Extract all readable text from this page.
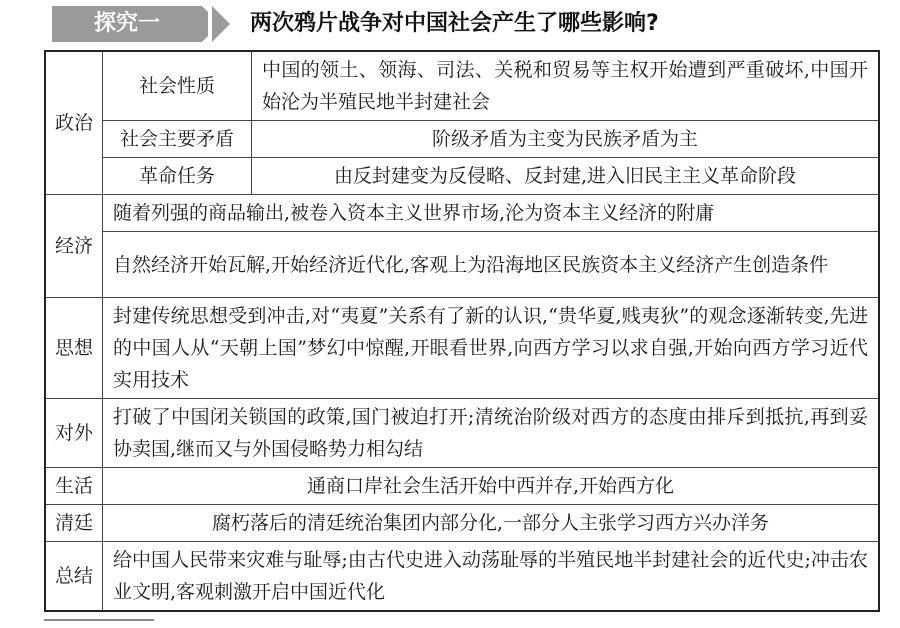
探究一	两次鸦片战争对中国社会产生了哪些影响?
政治	社会性质	中国的领土、领海、司法、关税和贸易等主权开始遭到严重破坏,中国开始沦为半殖民地半封建社会
	社会主要矛盾	阶级矛盾为主变为民族矛盾为主
	革命任务	由反封建变为反侵略、反封建,进入旧民主主义革命阶段
经济	随着列强的商品输出,被卷入资本主义世界市场,沦为资本主义经济的附庸	
	自然经济开始瓦解,开始经济近代化,客观上为沿海地区民族资本主义经济产生创造条件	
思想	封建传统思想受到冲击,对“夷夏”关系有了新的认识,“贵华夏,贱夷狄”的观念逐渐转变,先进的中国人从“天朝上国”梦幻中惊醒,开眼看世界,向西方学习以求自强,开始向西方学习近代实用技术	
对外	打破了中国闭关锁国的政策,国门被迫打开;清统治阶级对西方的态度由排斥到抵抗,再到妥协卖国,继而又与外国侵略势力相勾结	
生活	通商口岸社会生活开始中西并存,开始西方化	
清廷	腐朽落后的清廷统治集团内部分化,一部分人主张学习西方兴办洋务	
总结	给中国人民带来灾难与耻辱;由古代史进入动荡耻辱的半殖民地半封建社会的近代史;冲击农业文明,客观刺激开启中国近代化	
